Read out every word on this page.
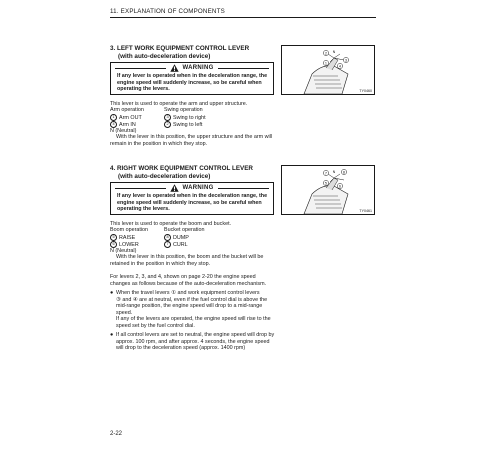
11. EXPLANATION OF COMPONENTS
3. LEFT WORK EQUIPMENT CONTROL LEVER
(with auto-deceleration device)
WARNING
If any lever is operated when in the deceleration range, the
engine speed will suddenly increase, so be careful when
operating the levers.
This lever is used to operate the arm and upper structure.
Arm operation	Swing operation
1 Arm OUT	3 Swing to right
4 Arm IN	2 Swing to left
N (Neutral)
With the lever in this position, the upper structure and the arm will
remain in the position in which they stop.
2 N
3
1
4
TY0460
4. RIGHT WORK EQUIPMENT CONTROL LEVER
(with auto-deceleration device)
WARNING
If any lever is operated when in the deceleration range, the
engine speed will suddenly increase, so be careful when
operating the levers.
This lever is used to operate the boom and bucket.
Boom operation	Bucket operation
5 RAISE	8 DUMP
6 LOWER	7 CURL
N (Neutral)
With the lever in this position, the boom and the bucket will be
retained in the position in which they stop.
7 N 8
5
6
TY0461
For levers 2, 3, and 4, shown on page 2-20 the engine speed
changes as follows because of the auto-deceleration mechanism.
● When the travel levers ① and work equipment control levers
③ and ④ are at neutral, even if the fuel control dial is above the
mid-range position, the engine speed will drop to a mid-range
speed.
If any of the levers are operated, the engine speed will rise to the
speed set by the fuel control dial.
● If all control levers are set to neutral, the engine speed will drop by
approx. 100 rpm, and after approx. 4 seconds, the engine speed
will drop to the deceleration speed (approx. 1400 rpm)
2-22
